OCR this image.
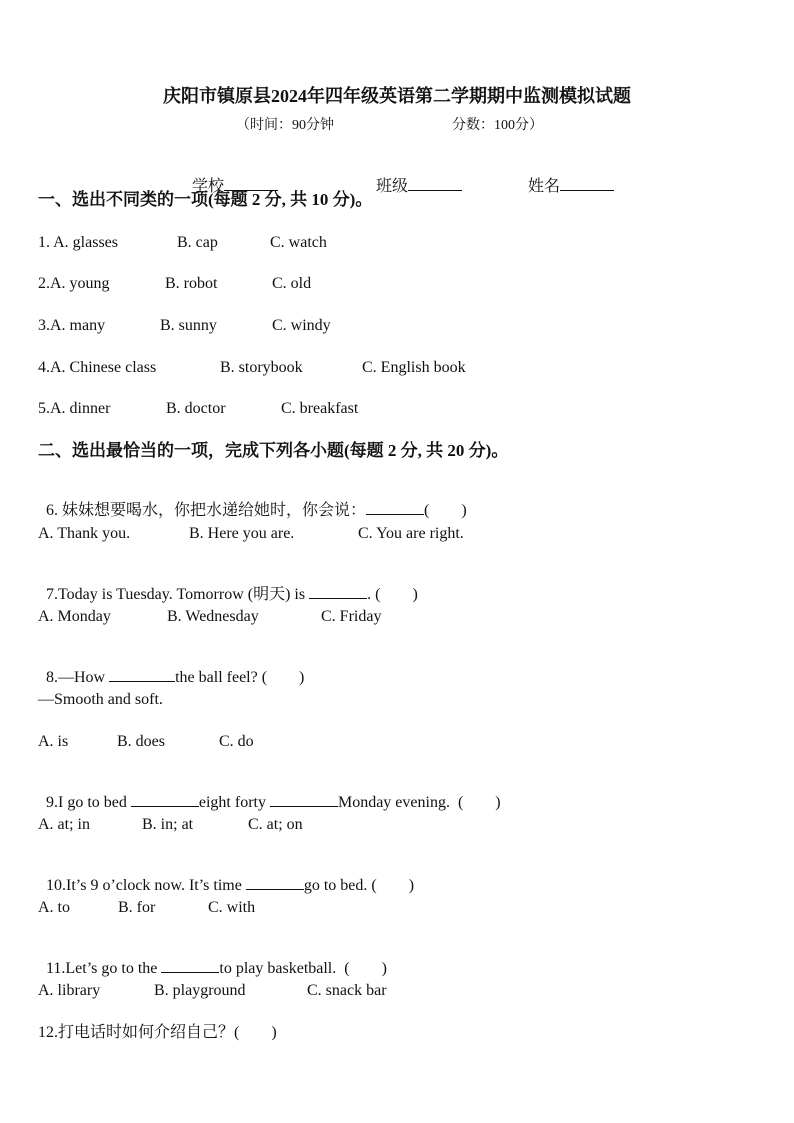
庆阳市镇原县2024年四年级英语第二学期期中监测模拟试题
（时间：90分钟	分数：100分）

学校	班级	姓名

一、选出不同类的一项(每题 2 分, 共 10 分)。
1. A. glasses	B. cap	C. watch
2.A. young	B. robot	C. old
3.A. many	B. sunny	C. windy
4.A. Chinese class	B. storybook	C. English book
5.A. dinner	B. doctor	C. breakfast
二、选出最恰当的一项，完成下列各小题(每题 2 分, 共 20 分)。

6. 妹妹想要喝水，你把水递给她时，你会说：	(　　)

A. Thank you.	B. Here you are.	C. You are right.

7.Today is Tuesday. Tomorrow (明天) is	. (　　)

A. Monday	B. Wednesday	C. Friday

8.—How	the ball feel? (　　)

—Smooth and soft.
A. is	B. does	C. do

9.I go to bed	eight forty	Monday evening.  (　　)

A. at; in	B. in; at	C. at; on

10.It’s 9 o’clock now. It’s time	go to bed. (　　)

A. to	B. for	C. with

11.Let’s go to the	to play basketball.  (　　)

A. library	B. playground	C. snack bar
12.打电话时如何介绍自己？(　　)
